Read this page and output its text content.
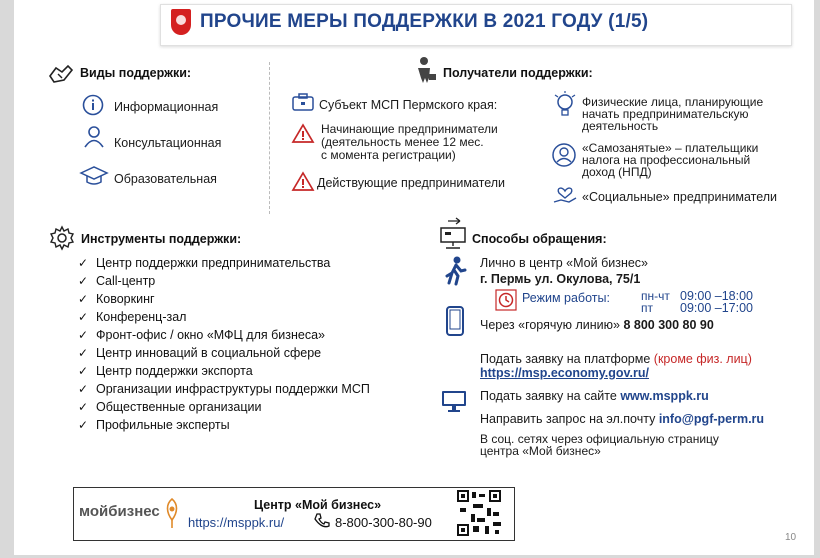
ПРОЧИЕ МЕРЫ ПОДДЕРЖКИ В 2021 ГОДУ (1/5)
Виды поддержки:
Информационная
Консультационная
Образовательная
Получатели поддержки:
Субъект МСП Пермского края:
Начинающие предприниматели
(деятельность менее 12 мес.
с момента регистрации)
Действующие предприниматели
Физические лица, планирующие
начать предпринимательскую
деятельность
«Самозанятые» – плательщики
налога на профессиональный
доход (НПД)
«Социальные» предприниматели
Инструменты поддержки:
✓ Центр поддержки предпринимательства
✓ Call-центр
✓ Коворкинг
✓ Конференц-зал
✓ Фронт-офис / окно «МФЦ для бизнеса»
✓ Центр инноваций в социальной сфере
✓ Центр поддержки экспорта
✓ Организации инфраструктуры поддержки МСП
✓ Общественные организации
✓ Профильные эксперты
Способы обращения:
Лично в центр «Мой бизнес»
г. Пермь ул. Окулова, 75/1
Режим работы:	пн-чт 09:00 –18:00
пт 09:00 –17:00
Через «горячую линию» 8 800 300 80 90
Подать заявку на платформе (кроме физ. лиц)
https://msp.economy.gov.ru/
Подать заявку на сайте www.msppk.ru
Направить запрос на эл.почту info@pgf-perm.ru
В соц. сетях через официальную страницу
центра «Мой бизнес»
мойбизнес	Центр «Мой бизнес»
https://msppk.ru/	8-800-300-80-90
10
